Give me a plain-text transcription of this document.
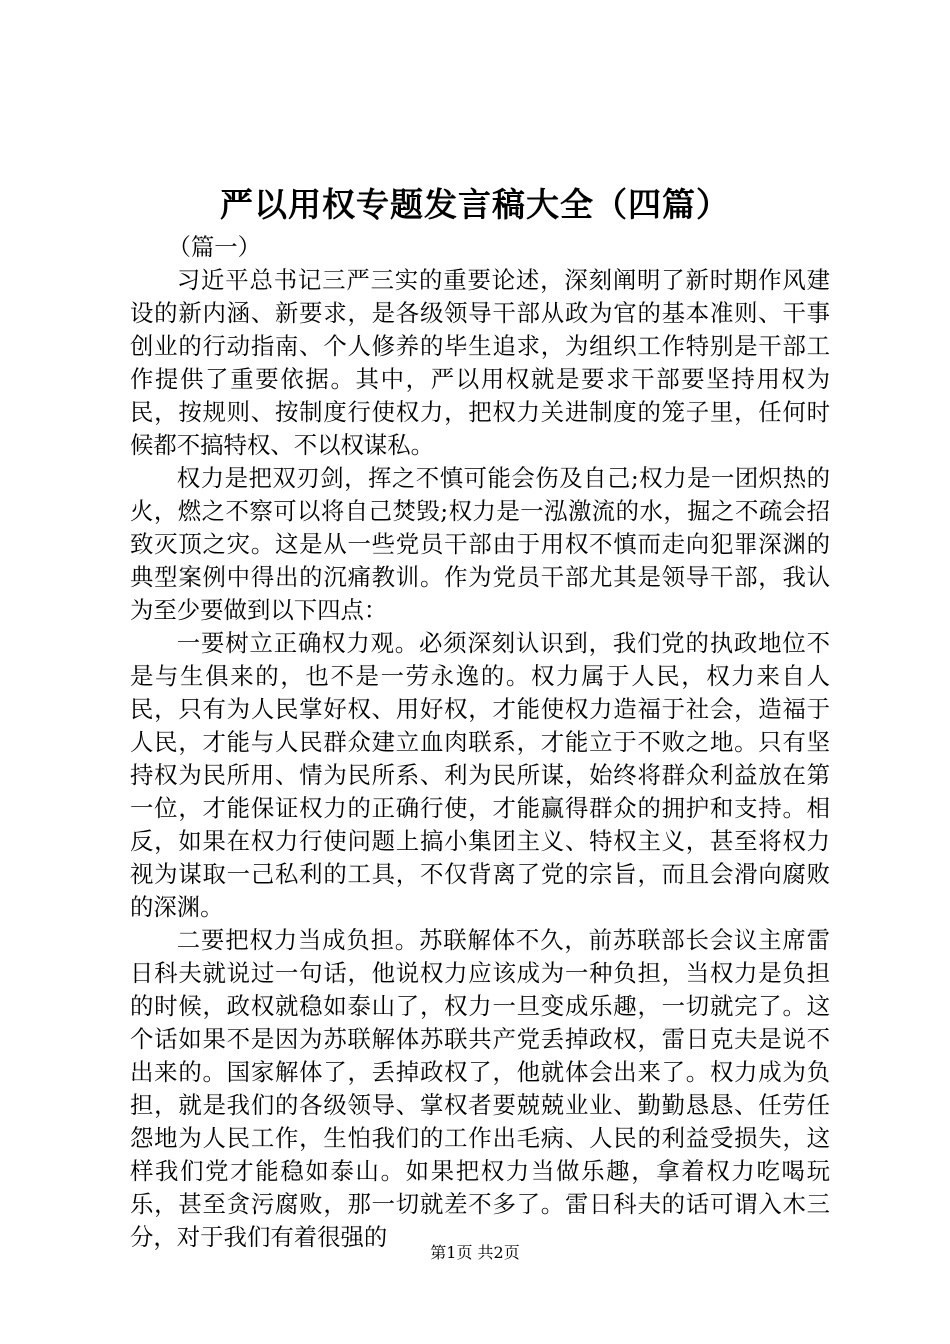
严以用权专题发言稿大全（四篇）

（篇一）

习近平总书记三严三实的重要论述，深刻阐明了新时期作风建设的新内涵、新要求，是各级领导干部从政为官的基本准则、干事创业的行动指南、个人修养的毕生追求，为组织工作特别是干部工作提供了重要依据。其中，严以用权就是要求干部要坚持用权为民，按规则、按制度行使权力，把权力关进制度的笼子里，任何时候都不搞特权、不以权谋私。

权力是把双刃剑，挥之不慎可能会伤及自己;权力是一团炽热的火，燃之不察可以将自己焚毁;权力是一泓激流的水，掘之不疏会招致灭顶之灾。这是从一些党员干部由于用权不慎而走向犯罪深渊的典型案例中得出的沉痛教训。作为党员干部尤其是领导干部，我认为至少要做到以下四点：

一要树立正确权力观。必须深刻认识到，我们党的执政地位不是与生俱来的，也不是一劳永逸的。权力属于人民，权力来自人民，只有为人民掌好权、用好权，才能使权力造福于社会，造福于人民，才能与人民群众建立血肉联系，才能立于不败之地。只有坚持权为民所用、情为民所系、利为民所谋，始终将群众利益放在第一位，才能保证权力的正确行使，才能赢得群众的拥护和支持。相反，如果在权力行使问题上搞小集团主义、特权主义，甚至将权力视为谋取一己私利的工具，不仅背离了党的宗旨，而且会滑向腐败的深渊。

二要把权力当成负担。苏联解体不久，前苏联部长会议主席雷日科夫就说过一句话，他说权力应该成为一种负担，当权力是负担的时候，政权就稳如泰山了，权力一旦变成乐趣，一切就完了。这个话如果不是因为苏联解体苏联共产党丢掉政权，雷日克夫是说不出来的。国家解体了，丢掉政权了，他就体会出来了。权力成为负担，就是我们的各级领导、掌权者要兢兢业业、勤勤恳恳、任劳任怨地为人民工作，生怕我们的工作出毛病、人民的利益受损失，这样我们党才能稳如泰山。如果把权力当做乐趣，拿着权力吃喝玩乐，甚至贪污腐败，那一切就差不多了。雷日科夫的话可谓入木三分，对于我们有着很强的

第1页 共2页
